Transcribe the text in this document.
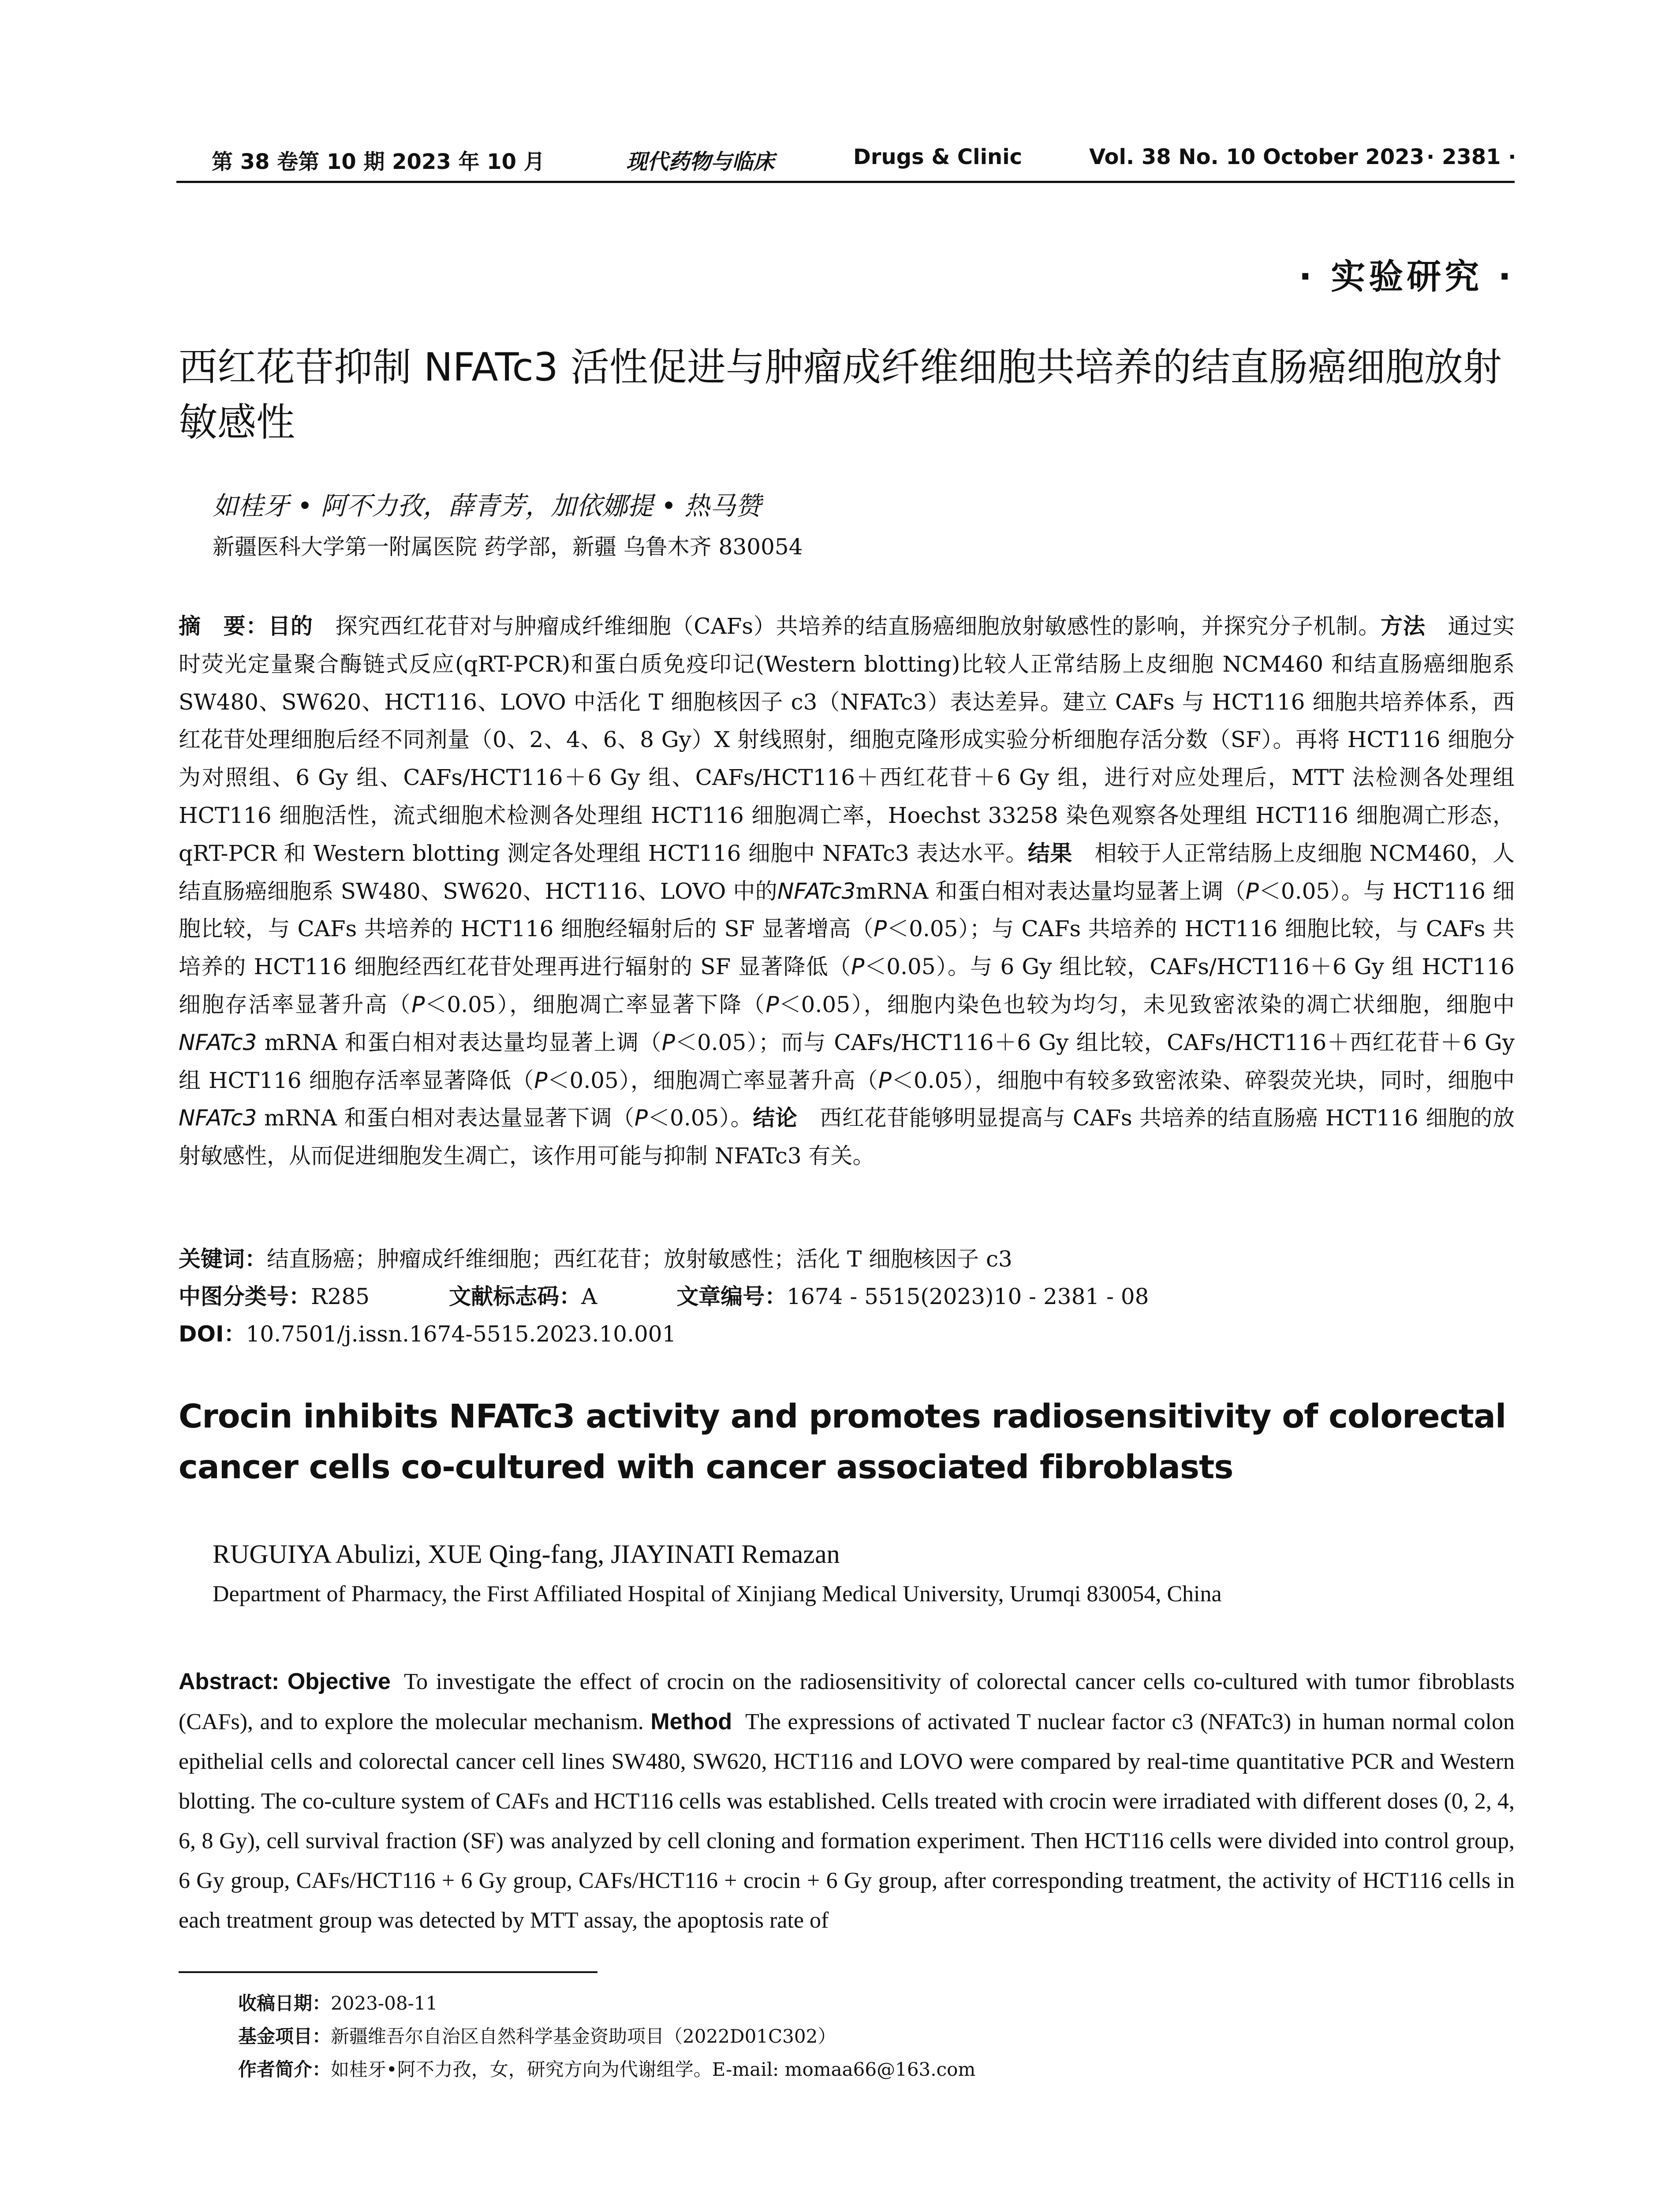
第 38 卷第 10 期 2023 年 10 月	现代药物与临床	Drugs & Clinic	Vol. 38 No. 10 October 2023 · 2381 ·
· 实验研究 ·
西红花苷抑制 NFATc3 活性促进与肿瘤成纤维细胞共培养的结直肠癌细胞放射敏感性
如桂牙 • 阿不力孜，薛青芳，加依娜提 • 热马赞
新疆医科大学第一附属医院 药学部，新疆 乌鲁木齐 830054
摘　要：目的 探究西红花苷对与肿瘤成纤维细胞（CAFs）共培养的结直肠癌细胞放射敏感性的影响，并探究分子机制。方法 通过实时荧光定量聚合酶链式反应(qRT-PCR)和蛋白质免疫印记(Western blotting)比较人正常结肠上皮细胞 NCM460 和结直肠癌细胞系 SW480、SW620、HCT116、LOVO 中活化 T 细胞核因子 c3（NFATc3）表达差异。建立 CAFs 与 HCT116 细胞共培养体系，西红花苷处理细胞后经不同剂量（0、2、4、6、8 Gy）X 射线照射，细胞克隆形成实验分析细胞存活分数（SF）。再将 HCT116 细胞分为对照组、6 Gy 组、CAFs/HCT116＋6 Gy 组、CAFs/HCT116＋西红花苷＋6 Gy 组，进行对应处理后，MTT 法检测各处理组 HCT116 细胞活性，流式细胞术检测各处理组 HCT116 细胞凋亡率，Hoechst 33258 染色观察各处理组 HCT116 细胞凋亡形态，qRT-PCR 和 Western blotting 测定各处理组 HCT116 细胞中 NFATc3 表达水平。结果 相较于人正常结肠上皮细胞 NCM460，人结直肠癌细胞系 SW480、SW620、HCT116、LOVO 中的NFATc3mRNA 和蛋白相对表达量均显著上调（P＜0.05）。与 HCT116 细胞比较，与 CAFs 共培养的 HCT116 细胞经辐射后的 SF 显著增高（P＜0.05）；与 CAFs 共培养的 HCT116 细胞比较，与 CAFs 共培养的 HCT116 细胞经西红花苷处理再进行辐射的 SF 显著降低（P＜0.05）。与 6 Gy 组比较，CAFs/HCT116＋6 Gy 组 HCT116 细胞存活率显著升高（P＜0.05），细胞凋亡率显著下降（P＜0.05），细胞内染色也较为均匀，未见致密浓染的凋亡状细胞，细胞中 NFATc3 mRNA 和蛋白相对表达量均显著上调（P＜0.05）；而与 CAFs/HCT116＋6 Gy 组比较，CAFs/HCT116＋西红花苷＋6 Gy 组 HCT116 细胞存活率显著降低（P＜0.05），细胞凋亡率显著升高（P＜0.05），细胞中有较多致密浓染、碎裂荧光块，同时，细胞中 NFATc3 mRNA 和蛋白相对表达量显著下调（P＜0.05）。结论 西红花苷能够明显提高与 CAFs 共培养的结直肠癌 HCT116 细胞的放射敏感性，从而促进细胞发生凋亡，该作用可能与抑制 NFATc3 有关。
关键词：结直肠癌；肿瘤成纤维细胞；西红花苷；放射敏感性；活化 T 细胞核因子 c3
中图分类号：R285	文献标志码：A	文章编号：1674 - 5515(2023)10 - 2381 - 08
DOI：10.7501/j.issn.1674-5515.2023.10.001
Crocin inhibits NFATc3 activity and promotes radiosensitivity of colorectal cancer cells co-cultured with cancer associated fibroblasts
RUGUIYA Abulizi, XUE Qing-fang, JIAYINATI Remazan
Department of Pharmacy, the First Affiliated Hospital of Xinjiang Medical University, Urumqi 830054, China
Abstract: Objective To investigate the effect of crocin on the radiosensitivity of colorectal cancer cells co-cultured with tumor fibroblasts (CAFs), and to explore the molecular mechanism. Method The expressions of activated T nuclear factor c3 (NFATc3) in human normal colon epithelial cells and colorectal cancer cell lines SW480, SW620, HCT116 and LOVO were compared by real-time quantitative PCR and Western blotting. The co-culture system of CAFs and HCT116 cells was established. Cells treated with crocin were irradiated with different doses (0, 2, 4, 6, 8 Gy), cell survival fraction (SF) was analyzed by cell cloning and formation experiment. Then HCT116 cells were divided into control group, 6 Gy group, CAFs/HCT116 + 6 Gy group, CAFs/HCT116 + crocin + 6 Gy group, after corresponding treatment, the activity of HCT116 cells in each treatment group was detected by MTT assay, the apoptosis rate of
收稿日期：2023-08-11
基金项目：新疆维吾尔自治区自然科学基金资助项目（2022D01C302）
作者简介：如桂牙•阿不力孜，女，研究方向为代谢组学。E-mail: momaa66@163.com
